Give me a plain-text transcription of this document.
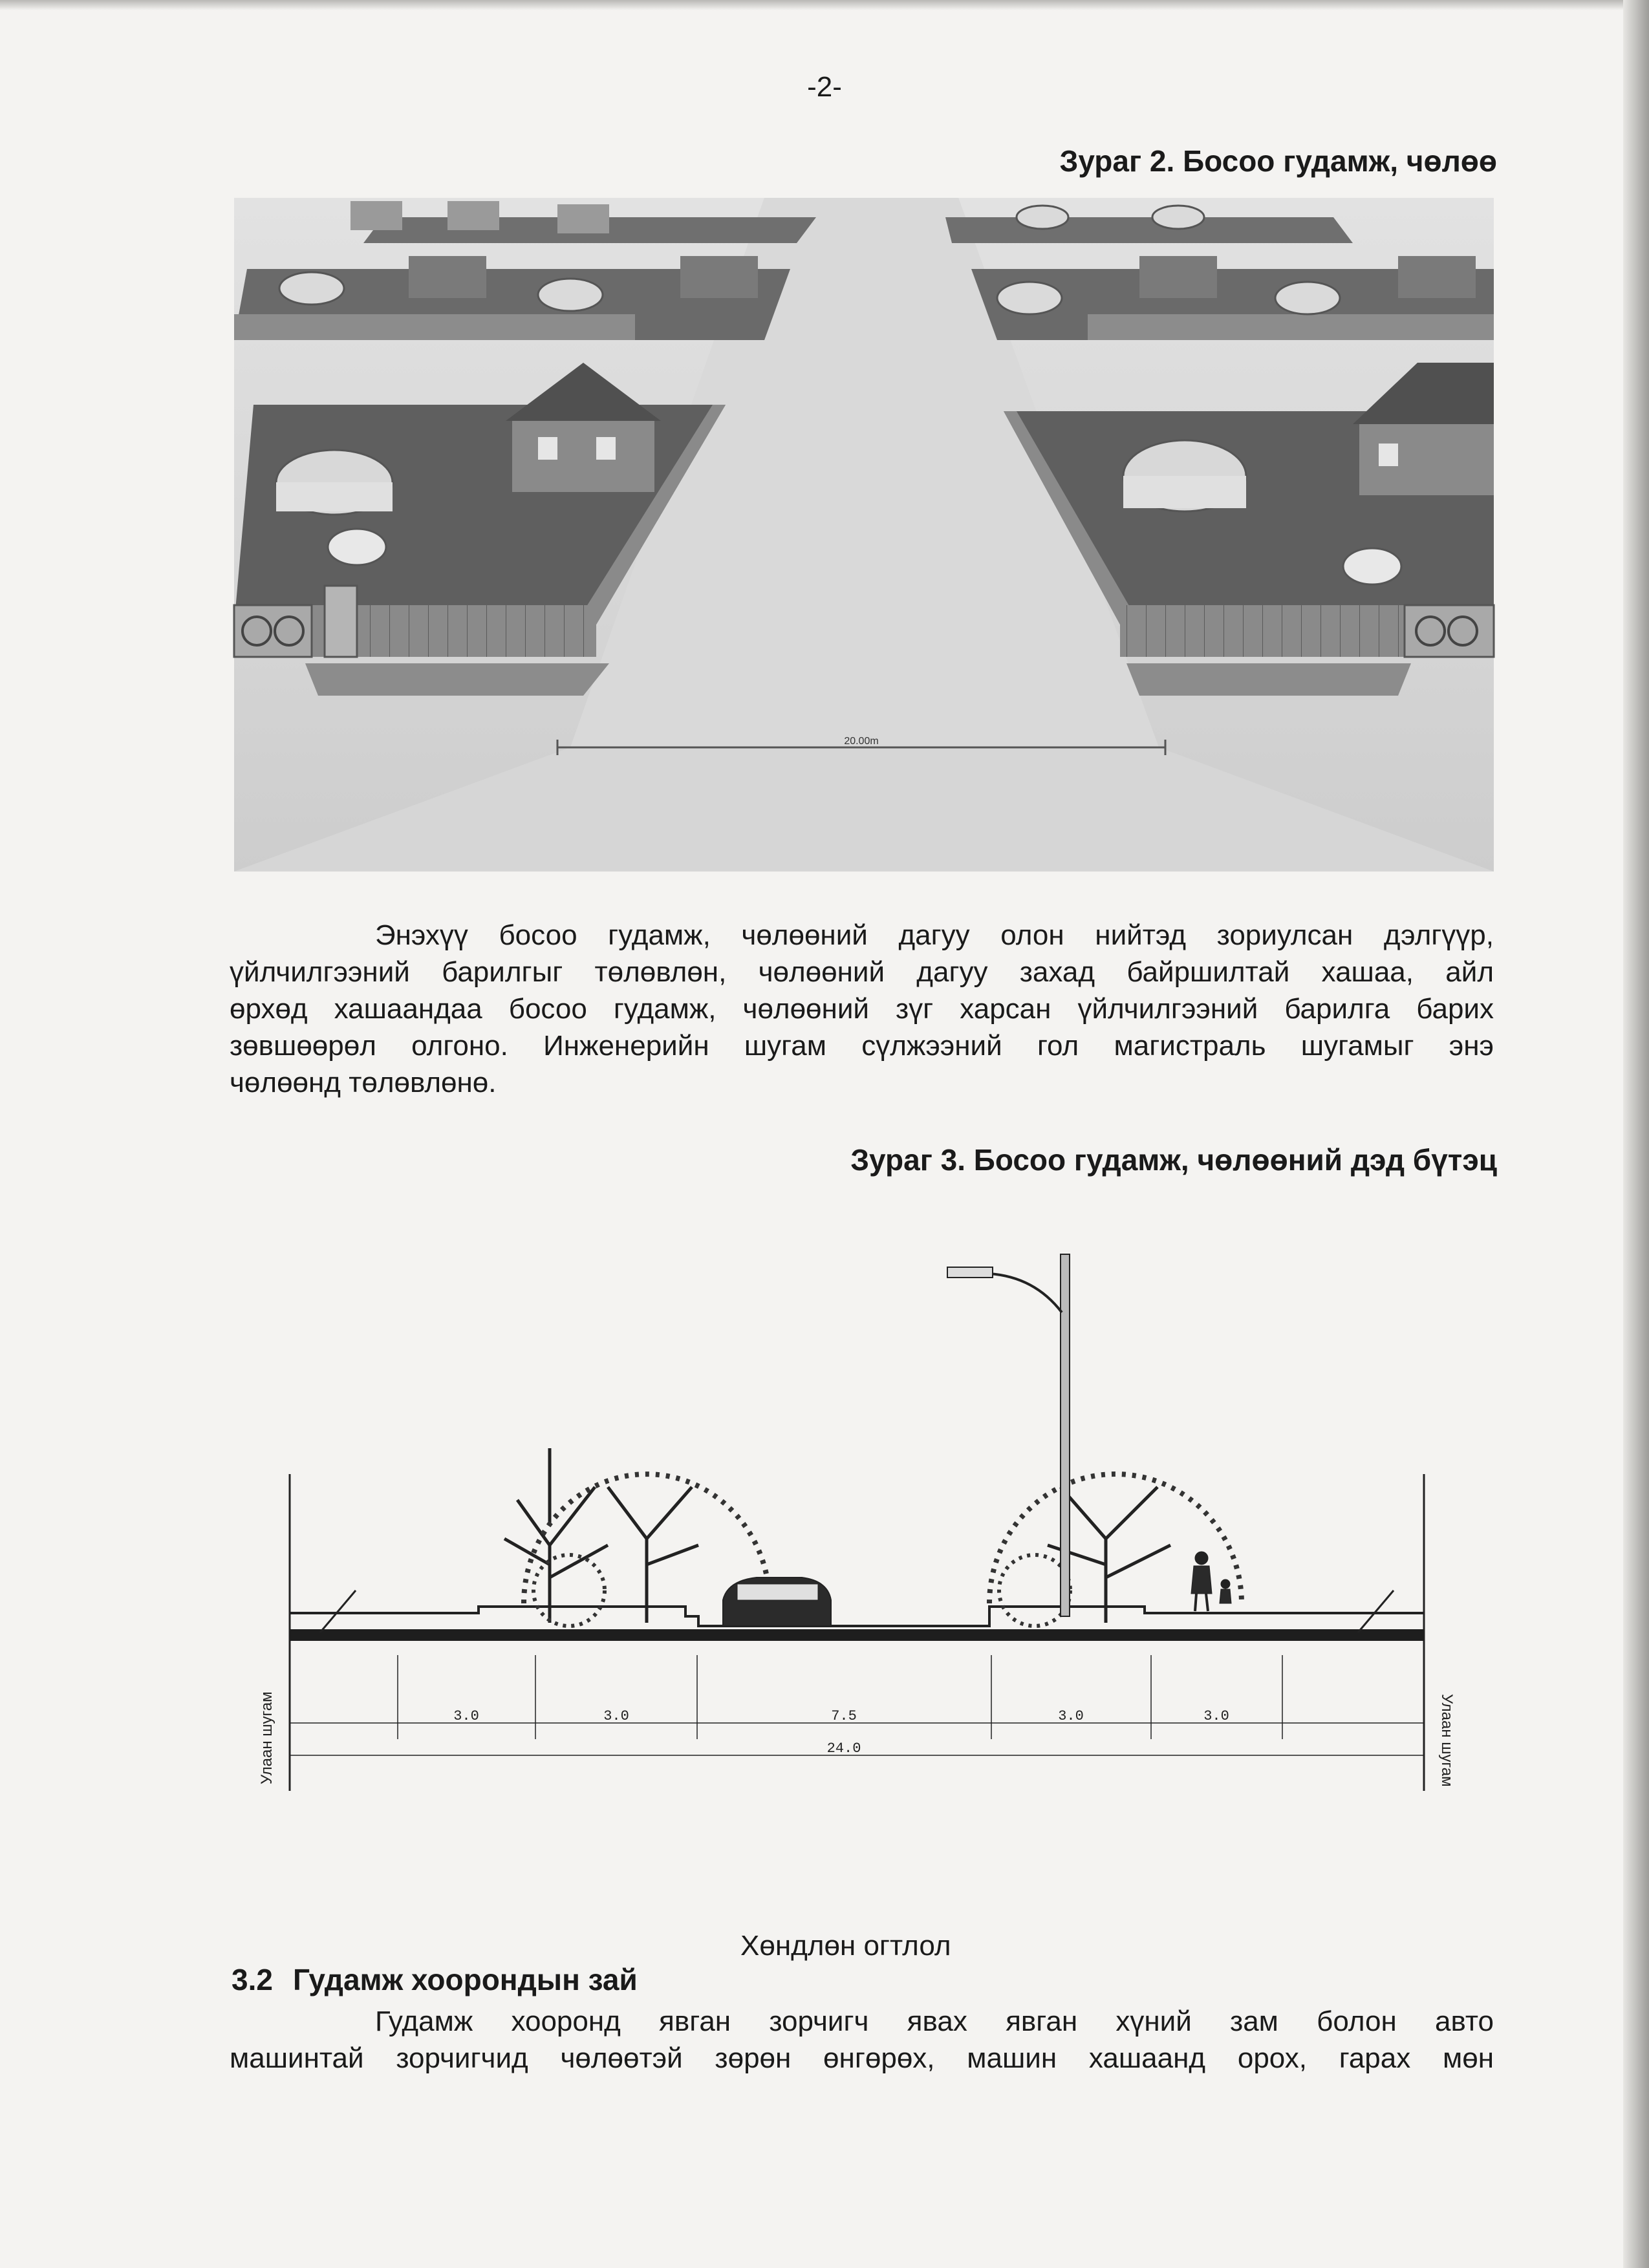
-2-
Зураг 2. Босоо гудамж, чөлөө
20.00m
Энэхүү босоо гудамж, чөлөөний дагуу олон нийтэд зориулсан дэлгүүр,
үйлчилгээний барилгыг төлөвлөн, чөлөөний дагуу захад байршилтай хашаа, айл
өрхөд хашаандаа босоо гудамж, чөлөөний зүг харсан үйлчилгээний барилга барих
зөвшөөрөл олгоно. Инженерийн шугам сүлжээний гол магистраль шугамыг энэ
чөлөөнд төлөвлөнө.
Зураг 3. Босоо гудамж, чөлөөний дэд бүтэц
3.0	3.0	7.5	3.0	3.0
24.0
Улаан шугам	Улаан шугам
Хөндлөн огтлол
3.2 Гудамж хоорондын зай
Гудамж хооронд явган зорчигч явах явган хүний зам болон авто
машинтай зорчигчид чөлөөтэй зөрөн өнгөрөх, машин хашаанд орох, гарах мөн
